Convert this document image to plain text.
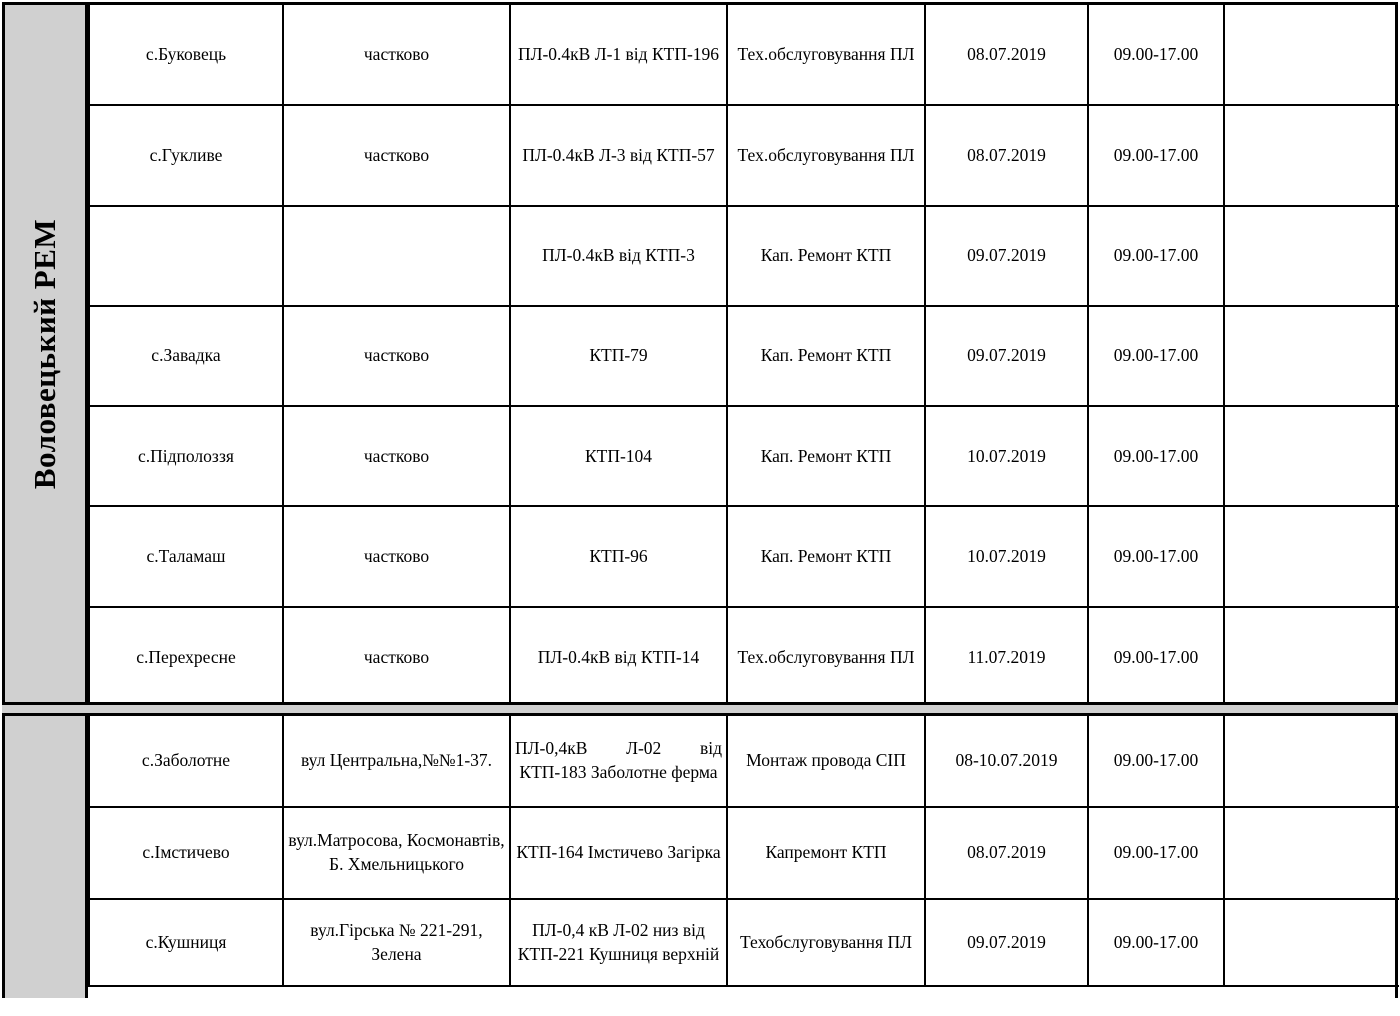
Воловецький РЕМ
с.Буковець	частково	ПЛ-0.4кВ Л-1 від КТП-196	Тех.обслуговування ПЛ	08.07.2019	09.00-17.00	
с.Гукливе	частково	ПЛ-0.4кВ Л-3 від КТП-57	Тех.обслуговування ПЛ	08.07.2019	09.00-17.00	
		ПЛ-0.4кВ від КТП-3	Кап. Ремонт КТП	09.07.2019	09.00-17.00	
с.Завадка	частково	КТП-79	Кап. Ремонт КТП	09.07.2019	09.00-17.00	
с.Підполоззя	частково	КТП-104	Кап. Ремонт КТП	10.07.2019	09.00-17.00	
с.Таламаш	частково	КТП-96	Кап. Ремонт КТП	10.07.2019	09.00-17.00	
с.Перехресне	частково	ПЛ-0.4кВ від КТП-14	Тех.обслуговування ПЛ	11.07.2019	09.00-17.00	
с.Заболотне	вул Центральна,№№1-37.	ПЛ-0,4кВ Л-02 від КТП-183 Заболотне ферма	Монтаж провода СІП	08-10.07.2019	09.00-17.00	
с.Імстичево	вул.Матросова, Космонавтів, Б. Хмельницького	КТП-164 Імстичево Загірка	Капремонт КТП	08.07.2019	09.00-17.00	
с.Кушниця	вул.Гірська № 221-291, Зелена	ПЛ-0,4 кВ Л-02 низ від КТП-221 Кушниця верхній	Техобслуговування ПЛ	09.07.2019	09.00-17.00	
